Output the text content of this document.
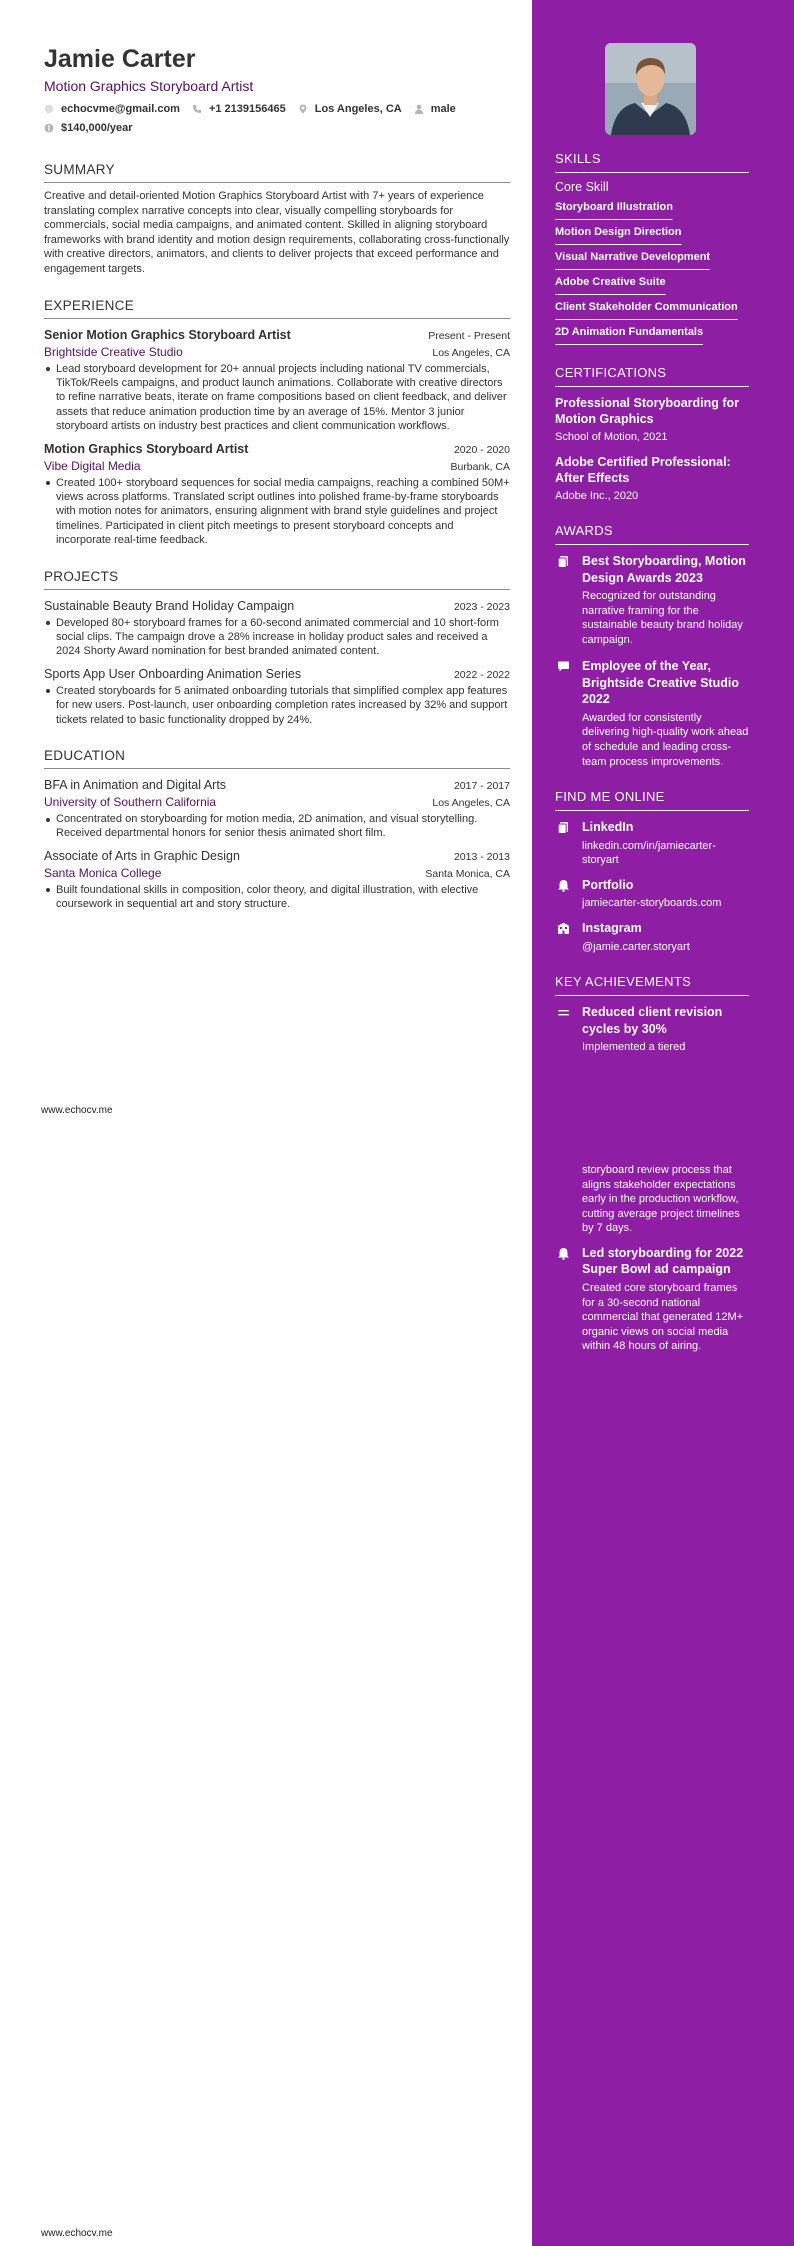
Jamie Carter
Motion Graphics Storyboard Artist
echocvme@gmail.com	+1 2139156465	Los Angeles, CA	male
$140,000/year
SUMMARY
Creative and detail-oriented Motion Graphics Storyboard Artist with 7+ years of experience translating complex narrative concepts into clear, visually compelling storyboards for commercials, social media campaigns, and animated content. Skilled in aligning storyboard frameworks with brand identity and motion design requirements, collaborating cross-functionally with creative directors, animators, and clients to deliver projects that exceed performance and engagement targets.
EXPERIENCE
Senior Motion Graphics Storyboard Artist	Present - Present
Brightside Creative Studio	Los Angeles, CA
Lead storyboard development for 20+ annual projects including national TV commercials, TikTok/Reels campaigns, and product launch animations. Collaborate with creative directors to refine narrative beats, iterate on frame compositions based on client feedback, and deliver assets that reduce animation production time by an average of 15%. Mentor 3 junior storyboard artists on industry best practices and client communication workflows.
Motion Graphics Storyboard Artist	2020 - 2020
Vibe Digital Media	Burbank, CA
Created 100+ storyboard sequences for social media campaigns, reaching a combined 50M+ views across platforms. Translated script outlines into polished frame-by-frame storyboards with motion notes for animators, ensuring alignment with brand style guidelines and project timelines. Participated in client pitch meetings to present storyboard concepts and incorporate real-time feedback.
PROJECTS
Sustainable Beauty Brand Holiday Campaign	2023 - 2023
Developed 80+ storyboard frames for a 60-second animated commercial and 10 short-form social clips. The campaign drove a 28% increase in holiday product sales and received a 2024 Shorty Award nomination for best branded animated content.
Sports App User Onboarding Animation Series	2022 - 2022
Created storyboards for 5 animated onboarding tutorials that simplified complex app features for new users. Post-launch, user onboarding completion rates increased by 32% and support tickets related to basic functionality dropped by 24%.
EDUCATION
BFA in Animation and Digital Arts	2017 - 2017
University of Southern California	Los Angeles, CA
Concentrated on storyboarding for motion media, 2D animation, and visual storytelling. Received departmental honors for senior thesis animated short film.
Associate of Arts in Graphic Design	2013 - 2013
Santa Monica College	Santa Monica, CA
Built foundational skills in composition, color theory, and digital illustration, with elective coursework in sequential art and story structure.
www.echocv.me
www.echocv.me
SKILLS
Core Skill
Storyboard Illustration
Motion Design Direction
Visual Narrative Development
Adobe Creative Suite
Client Stakeholder Communication
2D Animation Fundamentals
CERTIFICATIONS
Professional Storyboarding for Motion Graphics
School of Motion, 2021
Adobe Certified Professional: After Effects
Adobe Inc., 2020
AWARDS
Best Storyboarding, Motion Design Awards 2023
Recognized for outstanding narrative framing for the sustainable beauty brand holiday campaign.
Employee of the Year, Brightside Creative Studio 2022
Awarded for consistently delivering high-quality work ahead of schedule and leading cross-team process improvements.
FIND ME ONLINE
LinkedIn
linkedin.com/in/jamiecarter-storyart
Portfolio
jamiecarter-storyboards.com
Instagram
@jamie.carter.storyart
KEY ACHIEVEMENTS
Reduced client revision cycles by 30%
Implemented a tiered
storyboard review process that aligns stakeholder expectations early in the production workflow, cutting average project timelines by 7 days.
Led storyboarding for 2022 Super Bowl ad campaign
Created core storyboard frames for a 30-second national commercial that generated 12M+ organic views on social media within 48 hours of airing.
